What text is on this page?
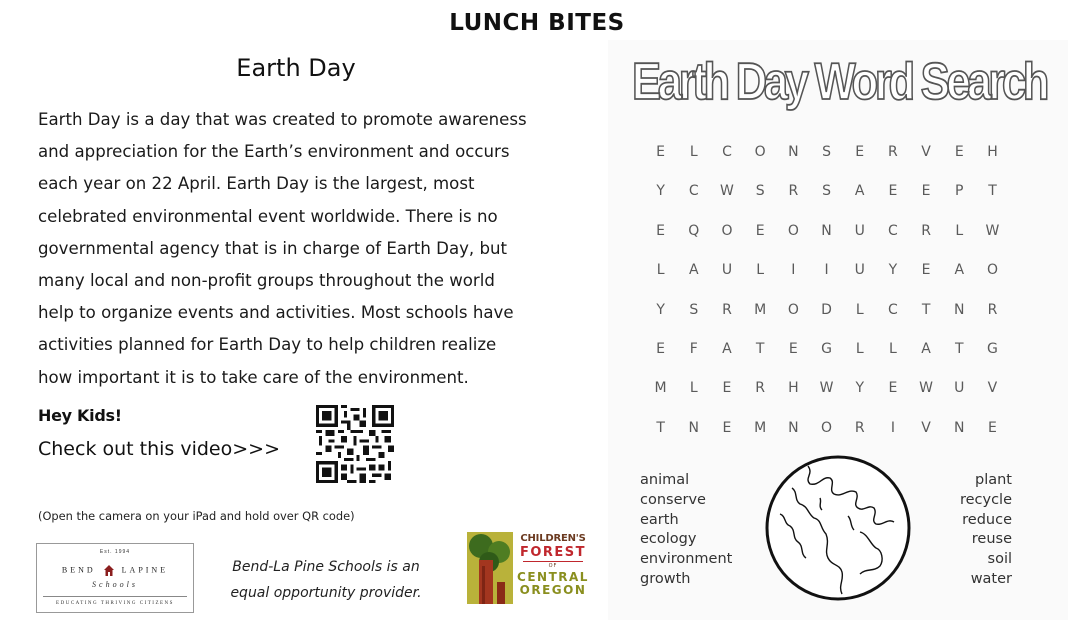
LUNCH BITES
Earth Day
Earth Day is a day that was created to promote awareness
and appreciation for the Earth’s environment and occurs
each year on 22 April. Earth Day is the largest, most
celebrated environmental event worldwide. There is no
governmental agency that is in charge of Earth Day, but
many local and non-profit groups throughout the world
help to organize events and activities. Most schools have
activities planned for Earth Day to help children realize
how important it is to take care of the environment.
Hey Kids!
Check out this video>>>
(Open the camera on your iPad and hold over QR code)
Est. 1994
BEND	LAPINE
Schools
EDUCATING THRIVING CITIZENS
Bend-La Pine Schools is an
equal opportunity provider.
CHILDREN'S
FOREST
OF
CENTRAL
OREGON
Earth Day Word Search
E	L	C	O	N	S	E	R	V	E	H
Y	C	W	S	R	S	A	E	E	P	T
E	Q	O	E	O	N	U	C	R	L	W
L	A	U	L	I	I	U	Y	E	A	O
Y	S	R	M	O	D	L	C	T	N	R
E	F	A	T	E	G	L	L	A	T	G
M	L	E	R	H	W	Y	E	W	U	V
T	N	E	M	N	O	R	I	V	N	E
animal
conserve
earth
ecology
environment
growth
plant
recycle
reduce
reuse
soil
water
